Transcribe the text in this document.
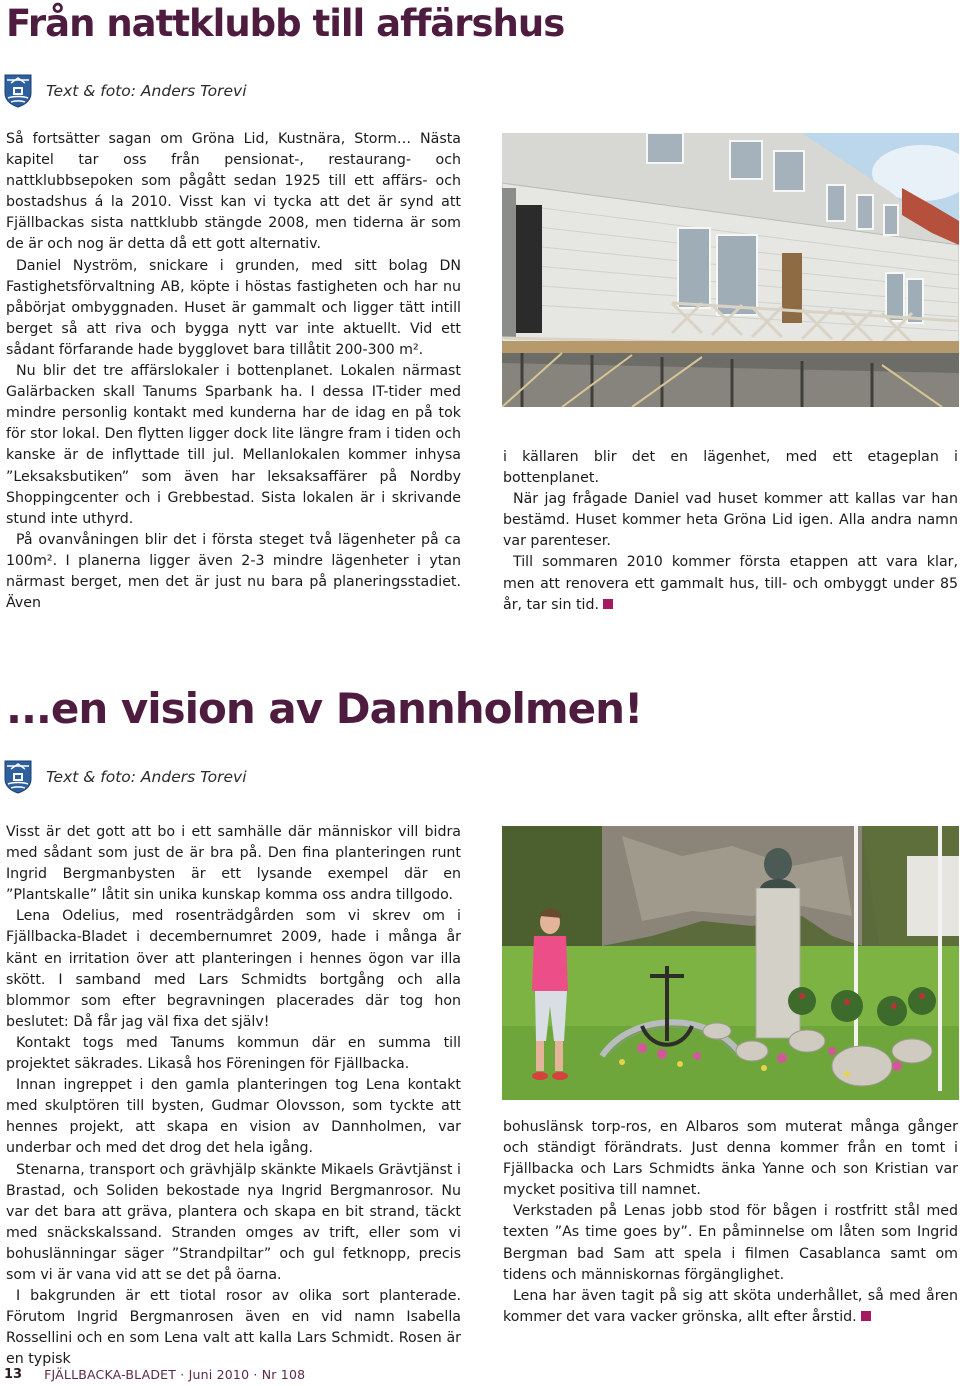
Från nattklubb till affärshus
Text & foto: Anders Torevi

Så fortsätter sagan om Gröna Lid, Kustnära, Storm… Nästa kapitel tar oss från pensionat-, restaurang- och nattklubbsepoken som pågått sedan 1925 till ett affärs- och bostadshus á la 2010. Visst kan vi tycka att det är synd att Fjällbackas sista nattklubb stängde 2008, men tiderna är som de är och nog är detta då ett gott alternativ.

Daniel Nyström, snickare i grunden, med sitt bolag DN Fastighetsförvaltning AB, köpte i höstas fastigheten och har nu påbörjat ombyggnaden. Huset är gammalt och ligger tätt intill berget så att riva och bygga nytt var inte aktuellt. Vid ett sådant förfarande hade bygglovet bara tillåtit 200-300 m².

Nu blir det tre affärslokaler i bottenplanet. Lokalen närmast Galärbacken skall Tanums Sparbank ha. I dessa IT-tider med mindre personlig kontakt med kunderna har de idag en på tok för stor lokal. Den flytten ligger dock lite längre fram i tiden och kanske är de inflyttade till jul. Mellanlokalen kommer inhysa ”Leksaksbutiken” som även har leksaksaffärer på Nordby Shoppingcenter och i Grebbestad. Sista lokalen är i skrivande stund inte uthyrd.

På ovanvåningen blir det i första steget två lägenheter på ca 100m². I planerna ligger även 2-3 mindre lägenheter i ytan närmast berget, men det är just nu bara på planeringsstadiet. Även

i källaren blir det en lägenhet, med ett etageplan i bottenplanet.

När jag frågade Daniel vad huset kommer att kallas var han bestämd. Huset kommer heta Gröna Lid igen. Alla andra namn var parenteser.

Till sommaren 2010 kommer första etappen att vara klar, men att renovera ett gammalt hus, till- och ombyggt under 85 år, tar sin tid.

...en vision av Dannholmen!
Text & foto: Anders Torevi

Visst är det gott att bo i ett samhälle där människor vill bidra med sådant som just de är bra på. Den fina planteringen runt Ingrid Bergmanbysten är ett lysande exempel där en ”Plantskalle” låtit sin unika kunskap komma oss andra tillgodo.

Lena Odelius, med rosenträdgården som vi skrev om i Fjällbacka-Bladet i decembernumret 2009, hade i många år känt en irritation över att planteringen i hennes ögon var illa skött. I samband med Lars Schmidts bortgång och alla blommor som efter begravningen placerades där tog hon beslutet: Då får jag väl fixa det själv!

Kontakt togs med Tanums kommun där en summa till projektet säkrades. Likaså hos Föreningen för Fjällbacka.

Innan ingreppet i den gamla planteringen tog Lena kontakt med skulptören till bysten, Gudmar Olovsson, som tyckte att hennes projekt, att skapa en vision av Dannholmen, var underbar och med det drog det hela igång.

Stenarna, transport och grävhjälp skänkte Mikaels Grävtjänst i Brastad, och Soliden bekostade nya Ingrid Bergmanrosor. Nu var det bara att gräva, plantera och skapa en bit strand, täckt med snäckskalssand. Stranden omges av trift, eller som vi bohuslänningar säger ”Strandpiltar” och gul fetknopp, precis som vi är vana vid att se det på öarna.

I bakgrunden är ett tiotal rosor av olika sort planterade. Förutom Ingrid Bergmanrosen även en vid namn Isabella Rossellini och en som Lena valt att kalla Lars Schmidt. Rosen är en typisk

bohuslänsk torp-ros, en Albaros som muterat många gånger och ständigt förändrats. Just denna kommer från en tomt i Fjällbacka och Lars Schmidts änka Yanne och son Kristian var mycket positiva till namnet.

Verkstaden på Lenas jobb stod för bågen i rostfritt stål med texten ”As time goes by”. En påminnelse om låten som Ingrid Bergman bad Sam att spela i filmen Casablanca samt om tidens och människornas förgänglighet.

Lena har även tagit på sig att sköta underhållet, så med åren kommer det vara vacker grönska, allt efter årstid.

13 FJÄLLBACKA-BLADET · Juni 2010 · Nr 108
